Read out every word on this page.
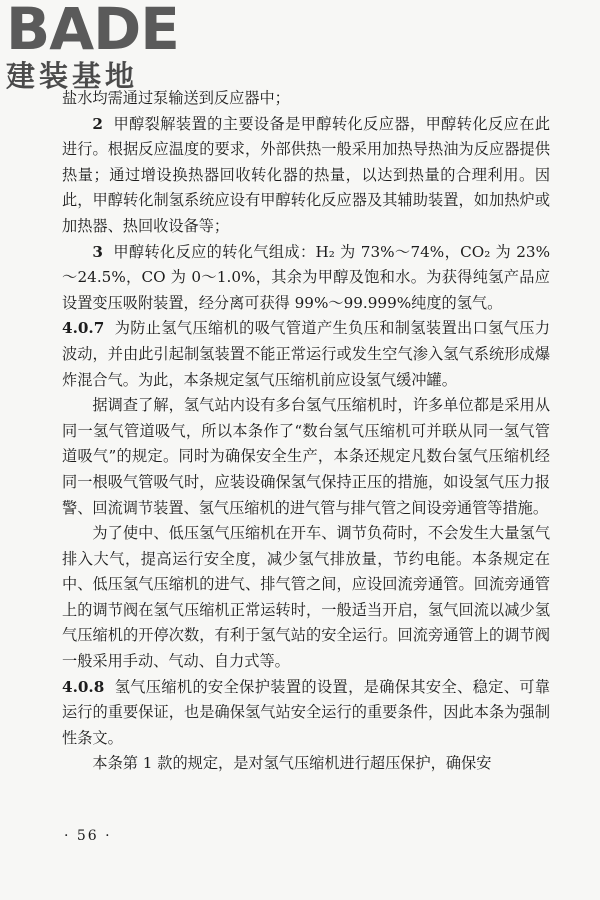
BADE
建装基地

盐水均需通过泵输送到反应器中；

2 甲醇裂解装置的主要设备是甲醇转化反应器，甲醇转化反应在此进行。根据反应温度的要求，外部供热一般采用加热导热油为反应器提供热量；通过增设换热器回收转化器的热量，以达到热量的合理利用。因此，甲醇转化制氢系统应设有甲醇转化反应器及其辅助装置，如加热炉或加热器、热回收设备等；

3 甲醇转化反应的转化气组成：H₂ 为 73%～74%，CO₂ 为 23%～24.5%，CO 为 0～1.0%，其余为甲醇及饱和水。为获得纯氢产品应设置变压吸附装置，经分离可获得 99%～99.999%纯度的氢气。

4.0.7 为防止氢气压缩机的吸气管道产生负压和制氢装置出口氢气压力波动，并由此引起制氢装置不能正常运行或发生空气渗入氢气系统形成爆炸混合气。为此，本条规定氢气压缩机前应设氢气缓冲罐。

据调查了解，氢气站内设有多台氢气压缩机时，许多单位都是采用从同一氢气管道吸气，所以本条作了“数台氢气压缩机可并联从同一氢气管道吸气”的规定。同时为确保安全生产，本条还规定凡数台氢气压缩机经同一根吸气管吸气时，应装设确保氢气保持正压的措施，如设氢气压力报警、回流调节装置、氢气压缩机的进气管与排气管之间设旁通管等措施。

为了使中、低压氢气压缩机在开车、调节负荷时，不会发生大量氢气排入大气，提高运行安全度，减少氢气排放量，节约电能。本条规定在中、低压氢气压缩机的进气、排气管之间，应设回流旁通管。回流旁通管上的调节阀在氢气压缩机正常运转时，一般适当开启，氢气回流以减少氢气压缩机的开停次数，有利于氢气站的安全运行。回流旁通管上的调节阀一般采用手动、气动、自力式等。

4.0.8 氢气压缩机的安全保护装置的设置，是确保其安全、稳定、可靠运行的重要保证，也是确保氢气站安全运行的重要条件，因此本条为强制性条文。

本条第 1 款的规定，是对氢气压缩机进行超压保护，确保安

· 56 ·
